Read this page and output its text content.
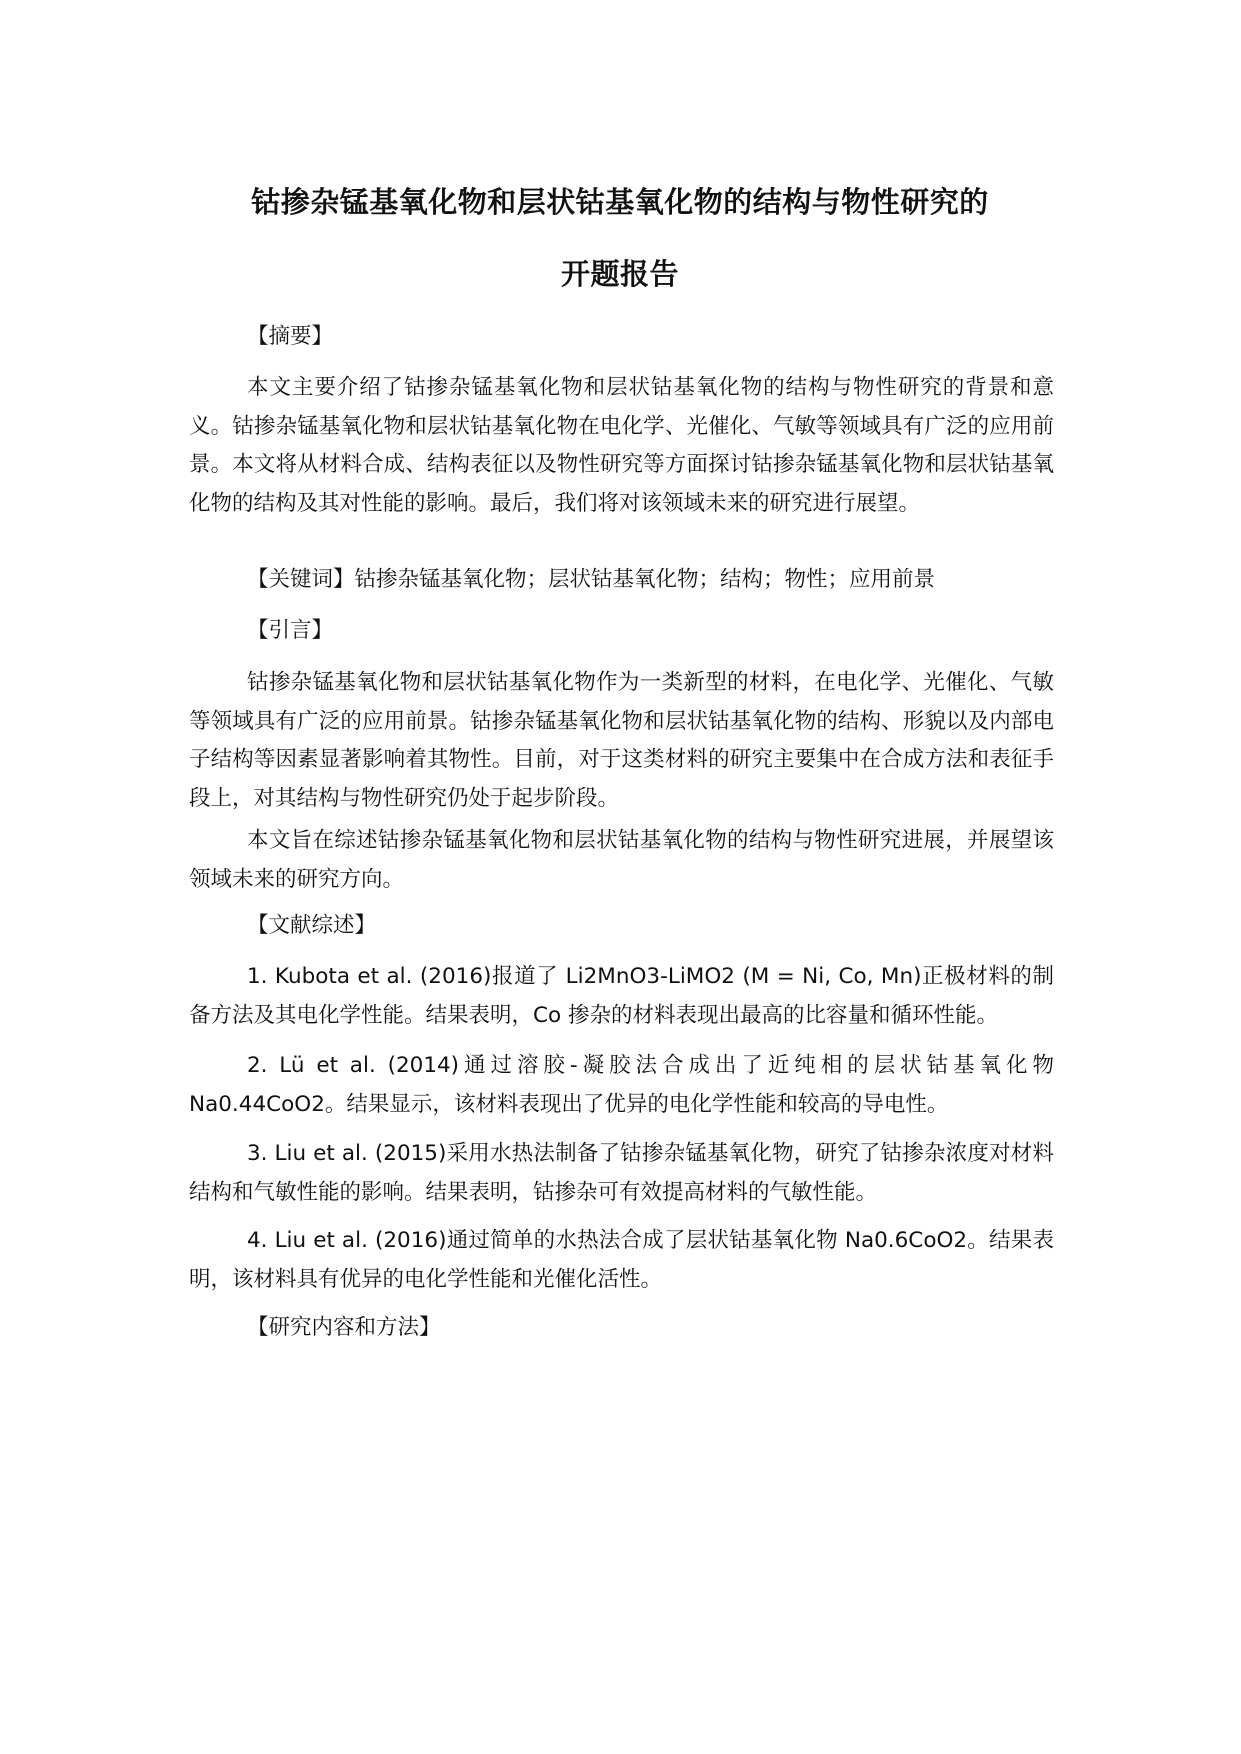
钴掺杂锰基氧化物和层状钴基氧化物的结构与物性研究的
开题报告

【摘要】

本文主要介绍了钴掺杂锰基氧化物和层状钴基氧化物的结构与物性研究的背景和意义。钴掺杂锰基氧化物和层状钴基氧化物在电化学、光催化、气敏等领域具有广泛的应用前景。本文将从材料合成、结构表征以及物性研究等方面探讨钴掺杂锰基氧化物和层状钴基氧化物的结构及其对性能的影响。最后，我们将对该领域未来的研究进行展望。

【关键词】钴掺杂锰基氧化物；层状钴基氧化物；结构；物性；应用前景

【引言】

钴掺杂锰基氧化物和层状钴基氧化物作为一类新型的材料，在电化学、光催化、气敏等领域具有广泛的应用前景。钴掺杂锰基氧化物和层状钴基氧化物的结构、形貌以及内部电子结构等因素显著影响着其物性。目前，对于这类材料的研究主要集中在合成方法和表征手段上，对其结构与物性研究仍处于起步阶段。

本文旨在综述钴掺杂锰基氧化物和层状钴基氧化物的结构与物性研究进展，并展望该领域未来的研究方向。

【文献综述】

1. Kubota et al. (2016)报道了 Li2MnO3-LiMO2 (M = Ni, Co, Mn)正极材料的制备方法及其电化学性能。结果表明，Co 掺杂的材料表现出最高的比容量和循环性能。

2. Lü et al. (2014)通过溶胶-凝胶法合成出了近纯相的层状钴基氧化物 Na0.44CoO2。结果显示，该材料表现出了优异的电化学性能和较高的导电性。

3. Liu et al. (2015)采用水热法制备了钴掺杂锰基氧化物，研究了钴掺杂浓度对材料结构和气敏性能的影响。结果表明，钴掺杂可有效提高材料的气敏性能。

4. Liu et al. (2016)通过简单的水热法合成了层状钴基氧化物 Na0.6CoO2。结果表明，该材料具有优异的电化学性能和光催化活性。

【研究内容和方法】
